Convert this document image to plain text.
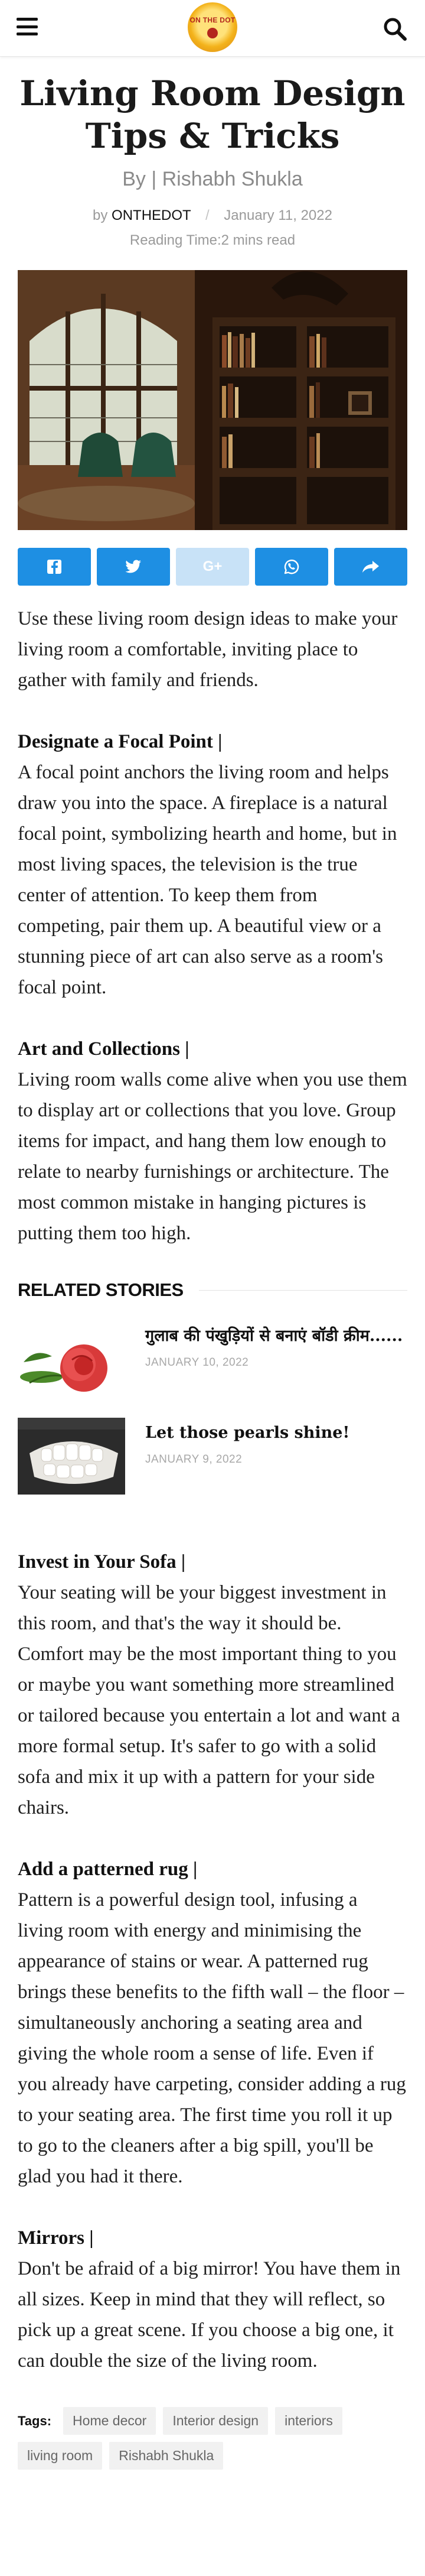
ON THE DOT
Living Room Design Tips & Tricks
By | Rishabh Shukla
by ONTHEDOT / January 11, 2022
Reading Time:2 mins read
G+

Use these living room design ideas to make your living room a comfortable, inviting place to gather with family and friends.

Designate a Focal Point |
A focal point anchors the living room and helps draw you into the space. A fireplace is a natural focal point, symbolizing hearth and home, but in most living spaces, the television is the true center of attention. To keep them from competing, pair them up. A beautiful view or a stunning piece of art can also serve as a room's focal point.
Art and Collections |
Living room walls come alive when you use them to display art or collections that you love. Group items for impact, and hang them low enough to relate to nearby furnishings or architecture. The most common mistake in hanging pictures is putting them too high.
RELATED STORIES
गुलाब की पंखुड़ियों से बनाएं बॉडी क्रीम......
JANUARY 10, 2022
Let those pearls shine!
JANUARY 9, 2022
Invest in Your Sofa |
Your seating will be your biggest investment in this room, and that's the way it should be. Comfort may be the most important thing to you or maybe you want something more streamlined or tailored because you entertain a lot and want a more formal setup. It's safer to go with a solid sofa and mix it up with a pattern for your side chairs.
Add a patterned rug |
Pattern is a powerful design tool, infusing a living room with energy and minimising the appearance of stains or wear. A patterned rug brings these benefits to the fifth wall – the floor – simultaneously anchoring a seating area and giving the whole room a sense of life. Even if you already have carpeting, consider adding a rug to your seating area. The first time you roll it up to go to the cleaners after a big spill, you'll be glad you had it there.
Mirrors |
Don't be afraid of a big mirror! You have them in all sizes. Keep in mind that they will reflect, so pick up a great scene. If you choose a big one, it can double the size of the living room.
Tags:	Home decor	Interior design	interiors
living room	Rishabh Shukla
